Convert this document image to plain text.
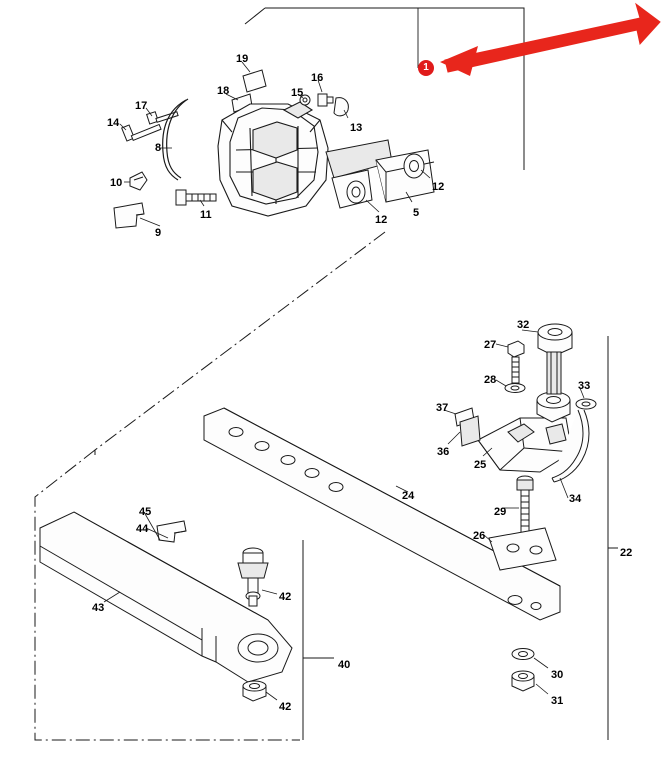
1
14
17
8
10
9
11
18
19
15
16
13
12
12
5
32
27
28	33
37
36
25
34
29
26
22
24
45
44
43
42
42
40
30
31
